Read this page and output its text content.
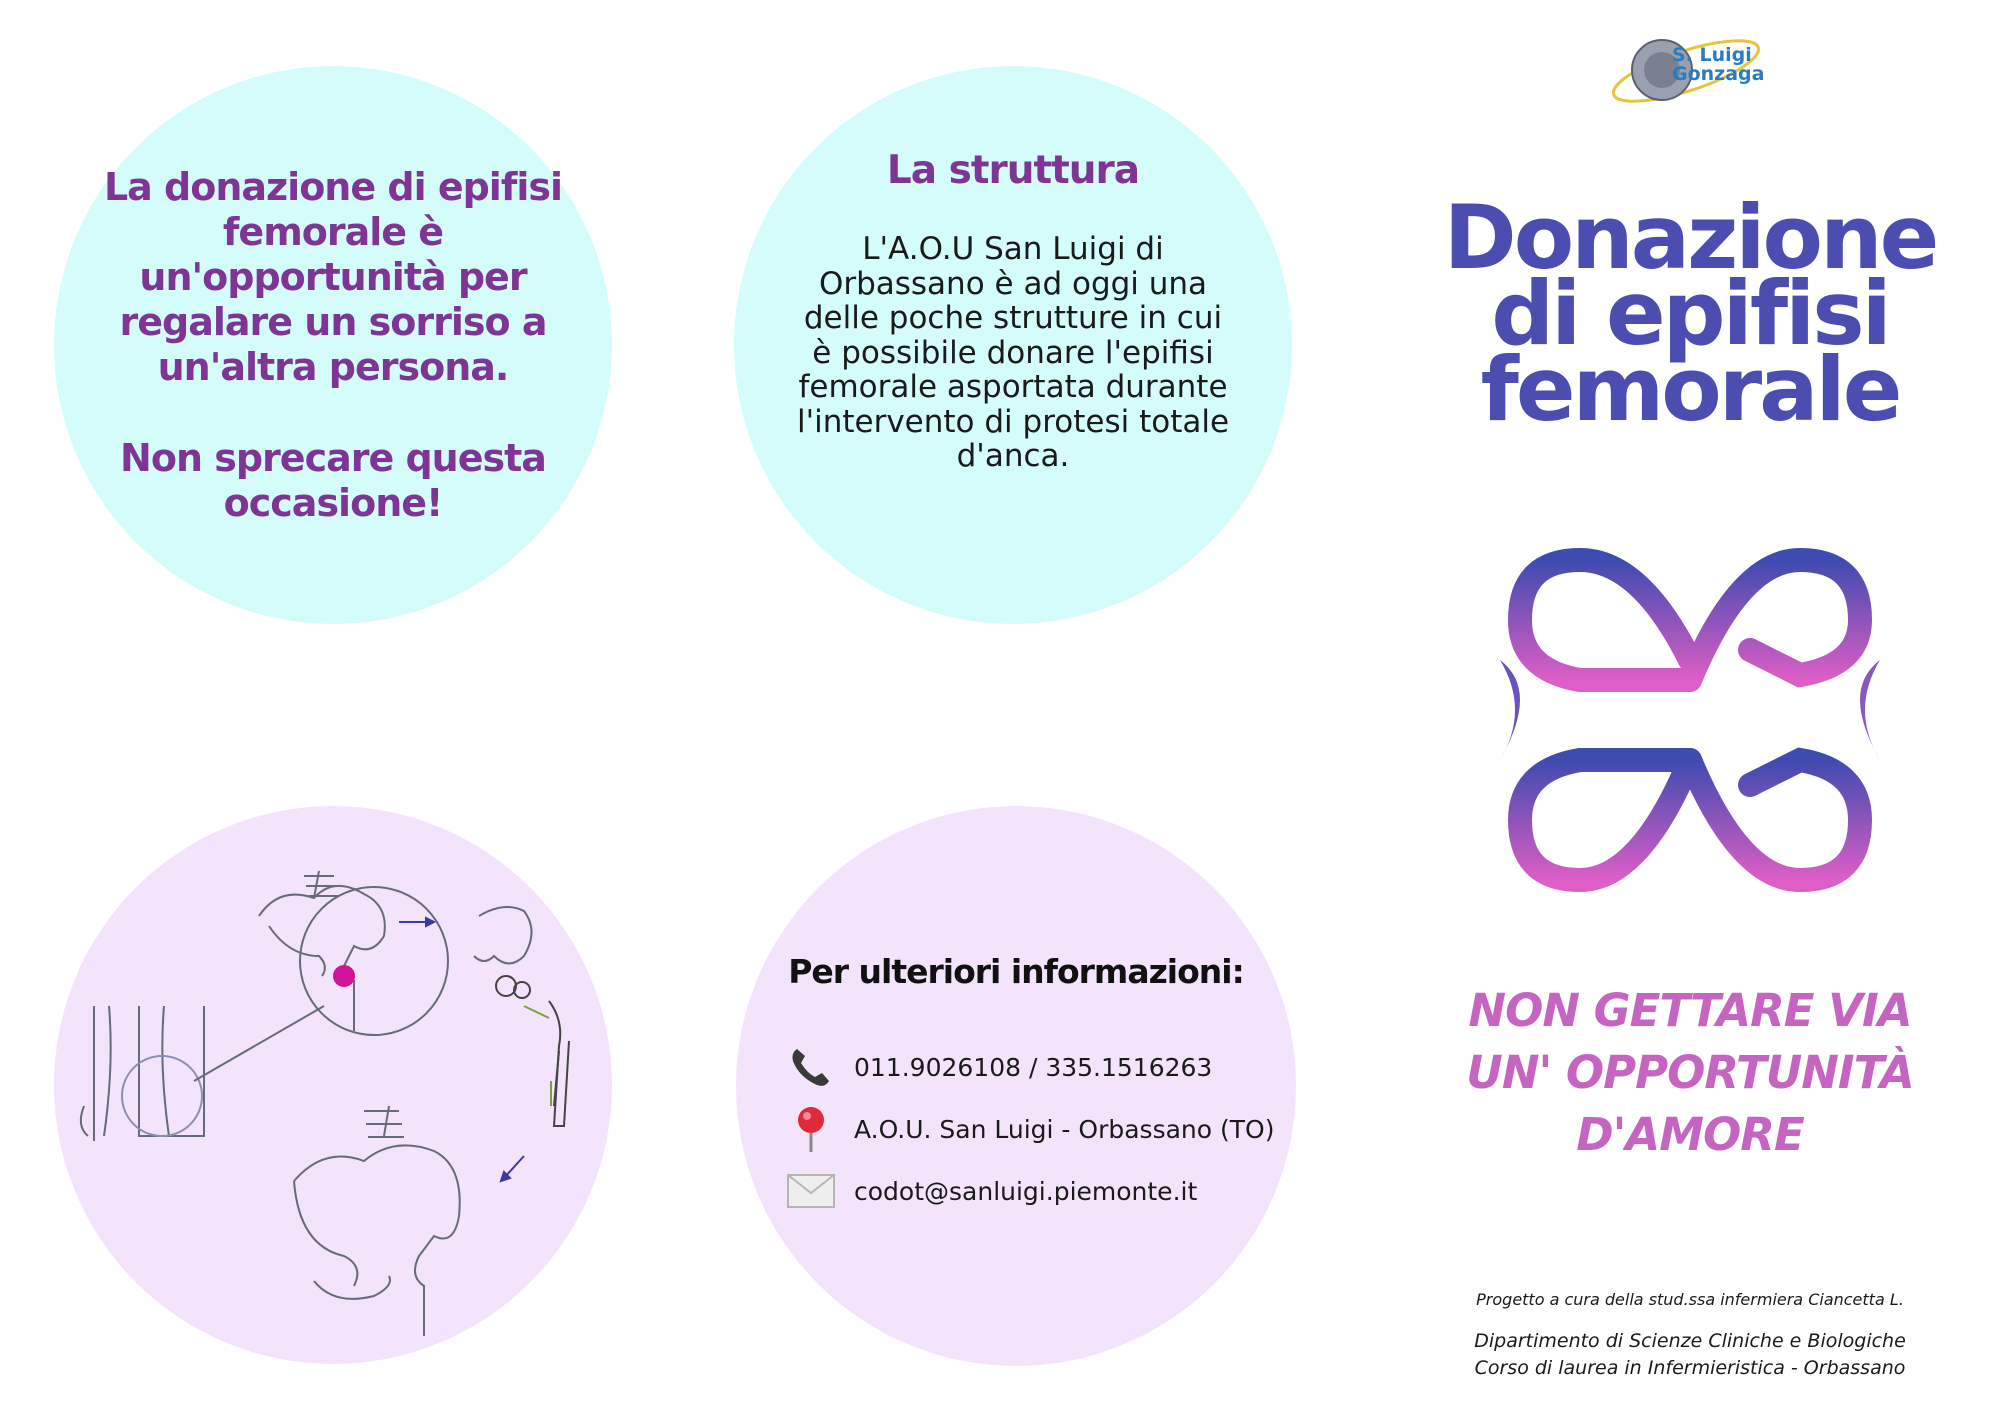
La donazione di epifisi femorale è un'opportunità per regalare un sorriso a un'altra persona.
Non sprecare questa occasione!
La struttura
L'A.O.U San Luigi di Orbassano è ad oggi una delle poche strutture in cui è possibile donare l'epifisi femorale asportata durante l'intervento di protesi totale d'anca.
Per ulteriori informazioni:
011.9026108 / 335.1516263
A.O.U. San Luigi - Orbassano (TO)
codot@sanluigi.piemonte.it
S. Luigi
Gonzaga
Donazione
di epifisi
femorale
NON GETTARE VIA
UN' OPPORTUNITÀ
D'AMORE
Progetto a cura della stud.ssa infermiera Ciancetta L.
Dipartimento di Scienze Cliniche e Biologiche
Corso di laurea in Infermieristica - Orbassano
